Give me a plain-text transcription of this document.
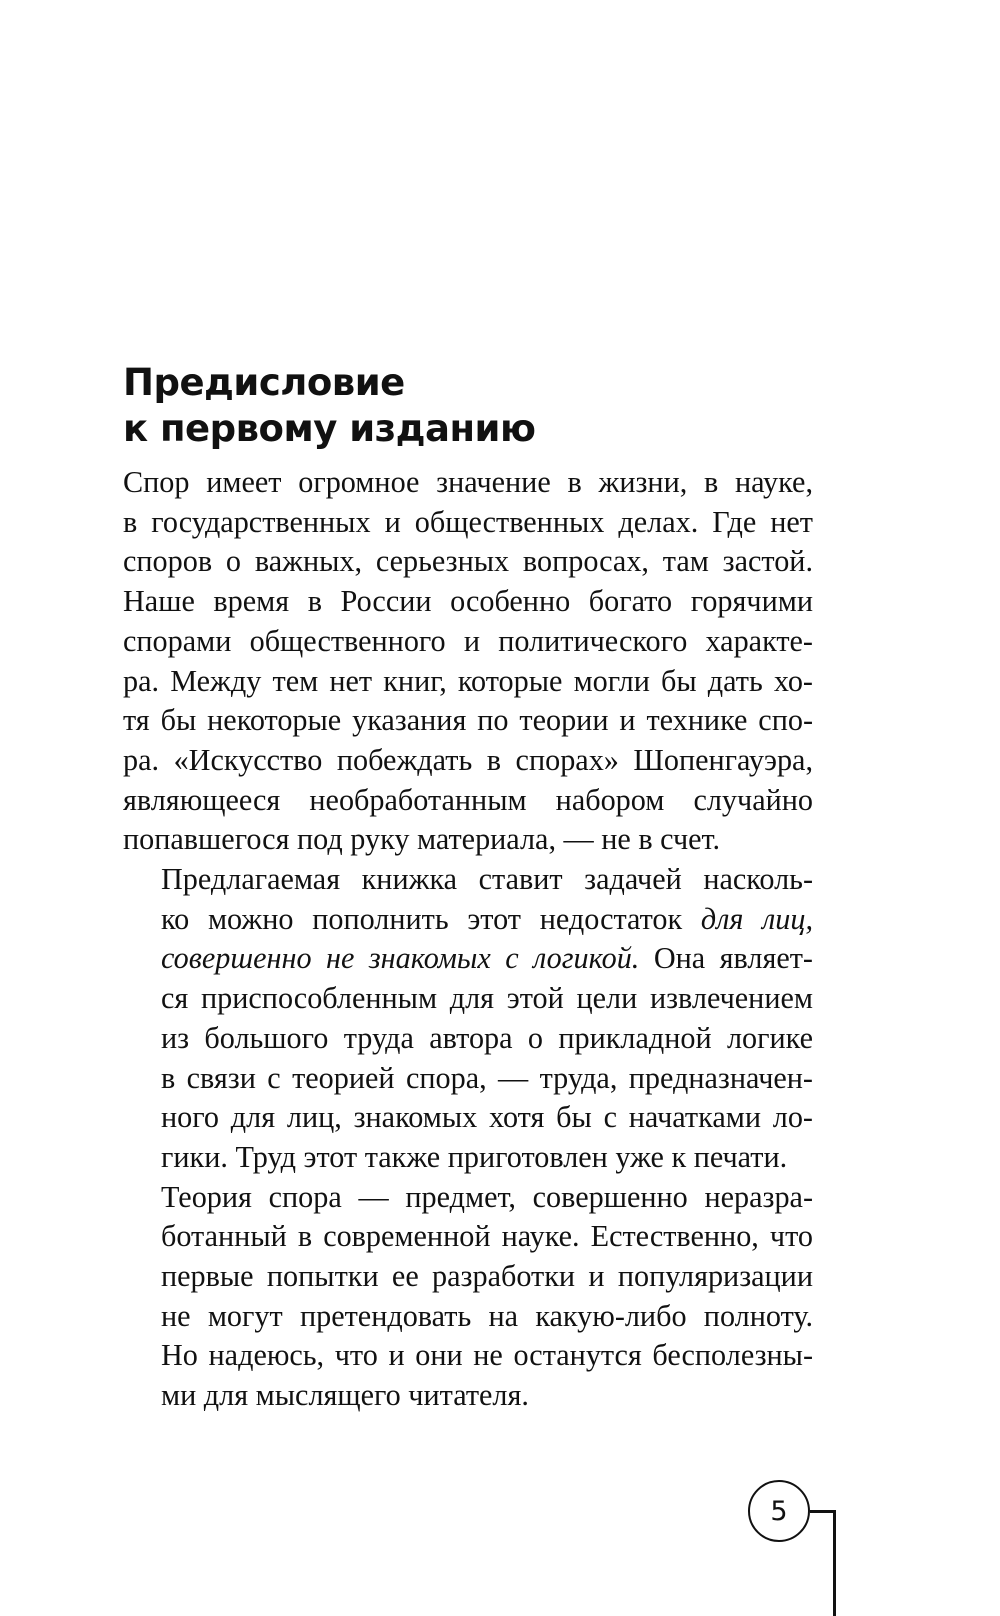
Предисловие
к первому изданию

Спор имеет огромное значение в жизни, в науке,
в государственных и общественных делах. Где нет
споров о важных, серьезных вопросах, там застой.
Наше время в России особенно богато горячими
спорами общественного и политического характе-
ра. Между тем нет книг, которые могли бы дать хо-
тя бы некоторые указания по теории и технике спо-
ра. «Искусство побеждать в спорах» Шопенгауэра,
являющееся необработанным набором случайно
попавшегося под руку материала, — не в счет.

Предлагаемая книжка ставит задачей насколь-
ко можно пополнить этот недостаток для лиц,
совершенно не знакомых с логикой. Она являет-
ся приспособленным для этой цели извлечением
из большого труда автора о прикладной логике
в связи с теорией спора, — труда, предназначен-
ного для лиц, знакомых хотя бы с начатками ло-
гики. Труд этот также приготовлен уже к печати.

Теория спора — предмет, совершенно неразра-
ботанный в современной науке. Естественно, что
первые попытки ее разработки и популяризации
не могут претендовать на какую-либо полноту.
Но надеюсь, что и они не останутся бесполезны-
ми для мыслящего читателя.

5
